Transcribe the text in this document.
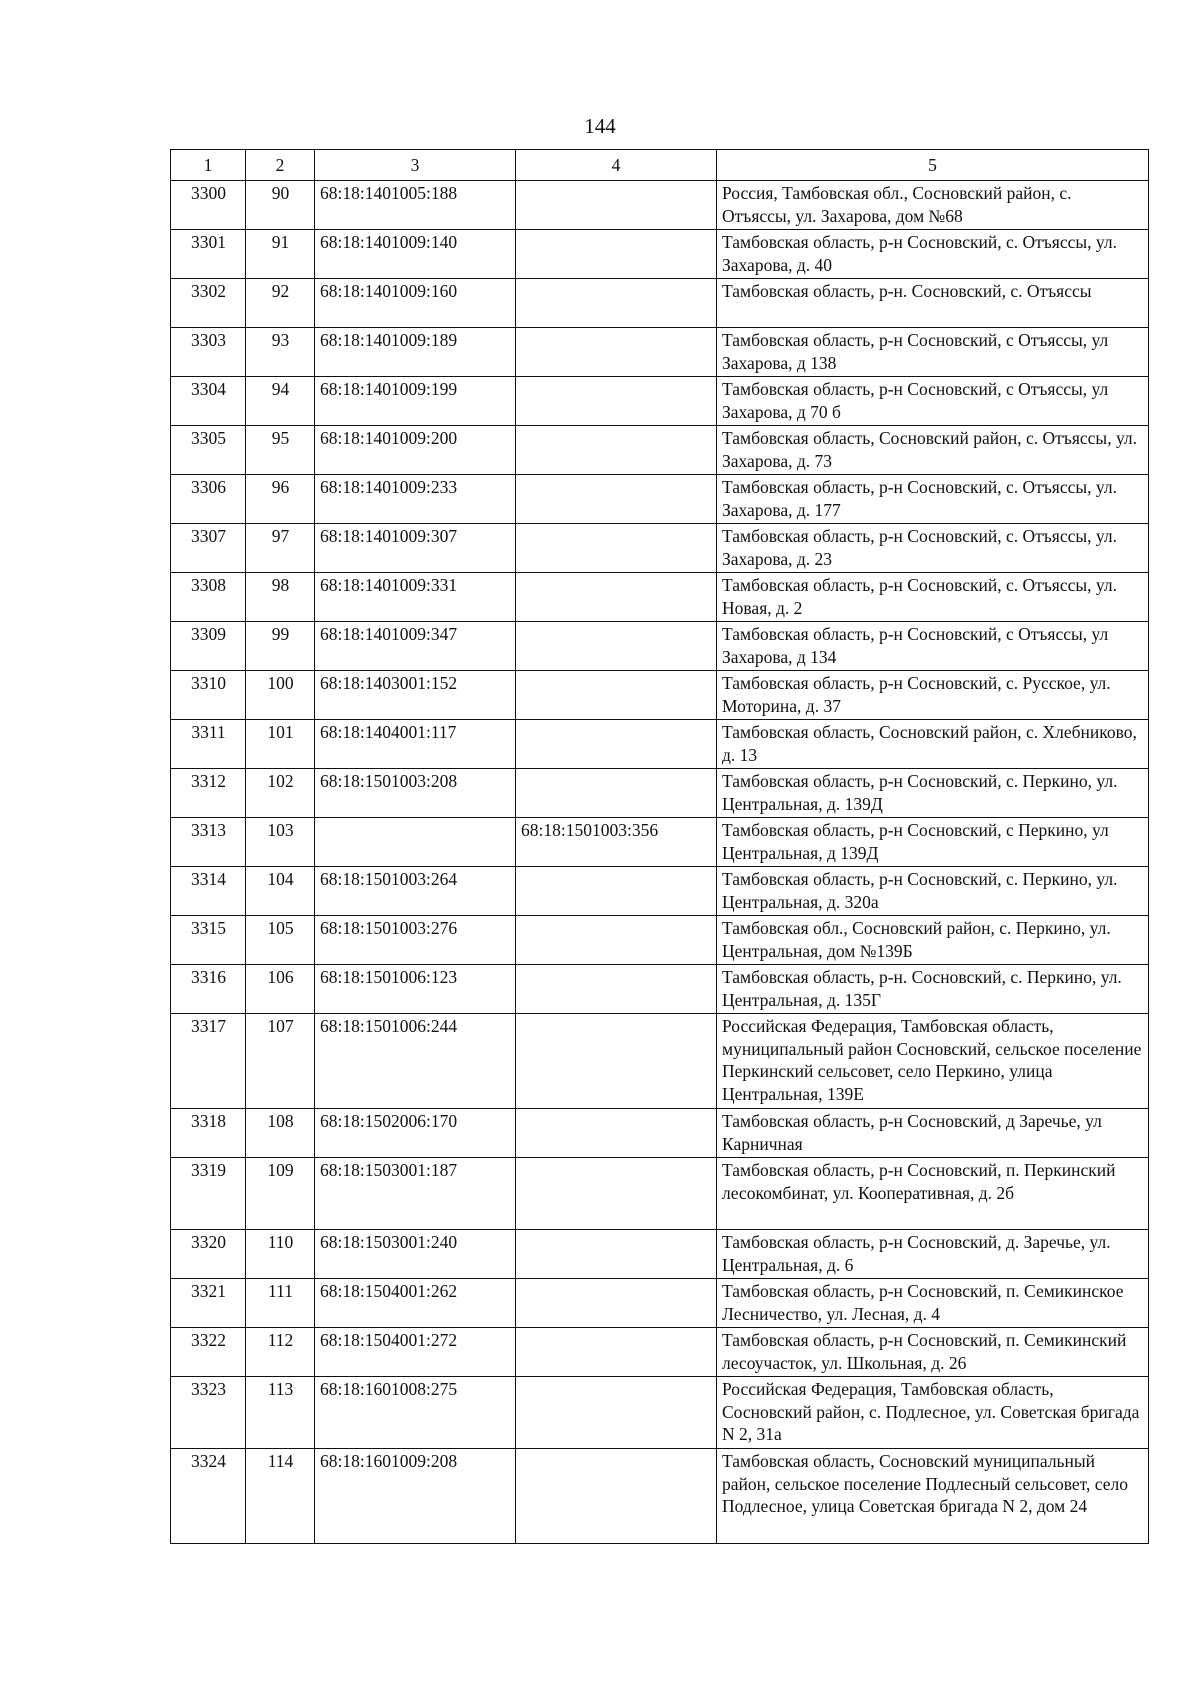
144
1	2	3	4	5
3300	90	68:18:1401005:188		Россия, Тамбовская обл., Сосновский район, с. Отъяссы, ул. Захарова, дом №68
3301	91	68:18:1401009:140		Тамбовская область, р-н Сосновский, с. Отъяссы, ул. Захарова, д. 40
3302	92	68:18:1401009:160		Тамбовская область, р-н. Сосновский, с. Отъяссы
3303	93	68:18:1401009:189		Тамбовская область, р-н Сосновский, с Отъяссы, ул Захарова, д 138
3304	94	68:18:1401009:199		Тамбовская область, р-н Сосновский, с Отъяссы, ул Захарова, д 70 б
3305	95	68:18:1401009:200		Тамбовская область, Сосновский район, с. Отъяссы, ул. Захарова, д. 73
3306	96	68:18:1401009:233		Тамбовская область, р-н Сосновский, с. Отъяссы, ул. Захарова, д. 177
3307	97	68:18:1401009:307		Тамбовская область, р-н Сосновский, с. Отъяссы, ул. Захарова, д. 23
3308	98	68:18:1401009:331		Тамбовская область, р-н Сосновский, с. Отъяссы, ул. Новая, д. 2
3309	99	68:18:1401009:347		Тамбовская область, р-н Сосновский, с Отъяссы, ул Захарова, д 134
3310	100	68:18:1403001:152		Тамбовская область, р-н Сосновский, с. Русское, ул. Моторина, д. 37
3311	101	68:18:1404001:117		Тамбовская область, Сосновский район, с. Хлебниково, д. 13
3312	102	68:18:1501003:208		Тамбовская область, р-н Сосновский, с. Перкино, ул. Центральная, д. 139Д
3313	103		68:18:1501003:356	Тамбовская область, р-н Сосновский, с Перкино, ул Центральная, д 139Д
3314	104	68:18:1501003:264		Тамбовская область, р-н Сосновский, с. Перкино, ул. Центральная, д. 320а
3315	105	68:18:1501003:276		Тамбовская обл., Сосновский район, с. Перкино, ул. Центральная, дом №139Б
3316	106	68:18:1501006:123		Тамбовская область, р-н. Сосновский, с. Перкино, ул. Центральная, д. 135Г
3317	107	68:18:1501006:244		Российская Федерация, Тамбовская область, муниципальный район Сосновский, сельское поселение Перкинский сельсовет, село Перкино, улица Центральная, 139Е
3318	108	68:18:1502006:170		Тамбовская область, р-н Сосновский, д Заречье, ул Карничная
3319	109	68:18:1503001:187		Тамбовская область, р-н Сосновский, п. Перкинский лесокомбинат, ул. Кооперативная, д. 2б
3320	110	68:18:1503001:240		Тамбовская область, р-н Сосновский, д. Заречье, ул. Центральная, д. 6
3321	111	68:18:1504001:262		Тамбовская область, р-н Сосновский, п. Семикинское Лесничество, ул. Лесная, д. 4
3322	112	68:18:1504001:272		Тамбовская область, р-н Сосновский, п. Семикинский лесоучасток, ул. Школьная, д. 26
3323	113	68:18:1601008:275		Российская Федерация, Тамбовская область, Сосновский район, с. Подлесное, ул. Советская бригада N 2, 31а
3324	114	68:18:1601009:208		Тамбовская область, Сосновский муниципальный район, сельское поселение Подлесный сельсовет, село Подлесное, улица Советская бригада N 2, дом 24
